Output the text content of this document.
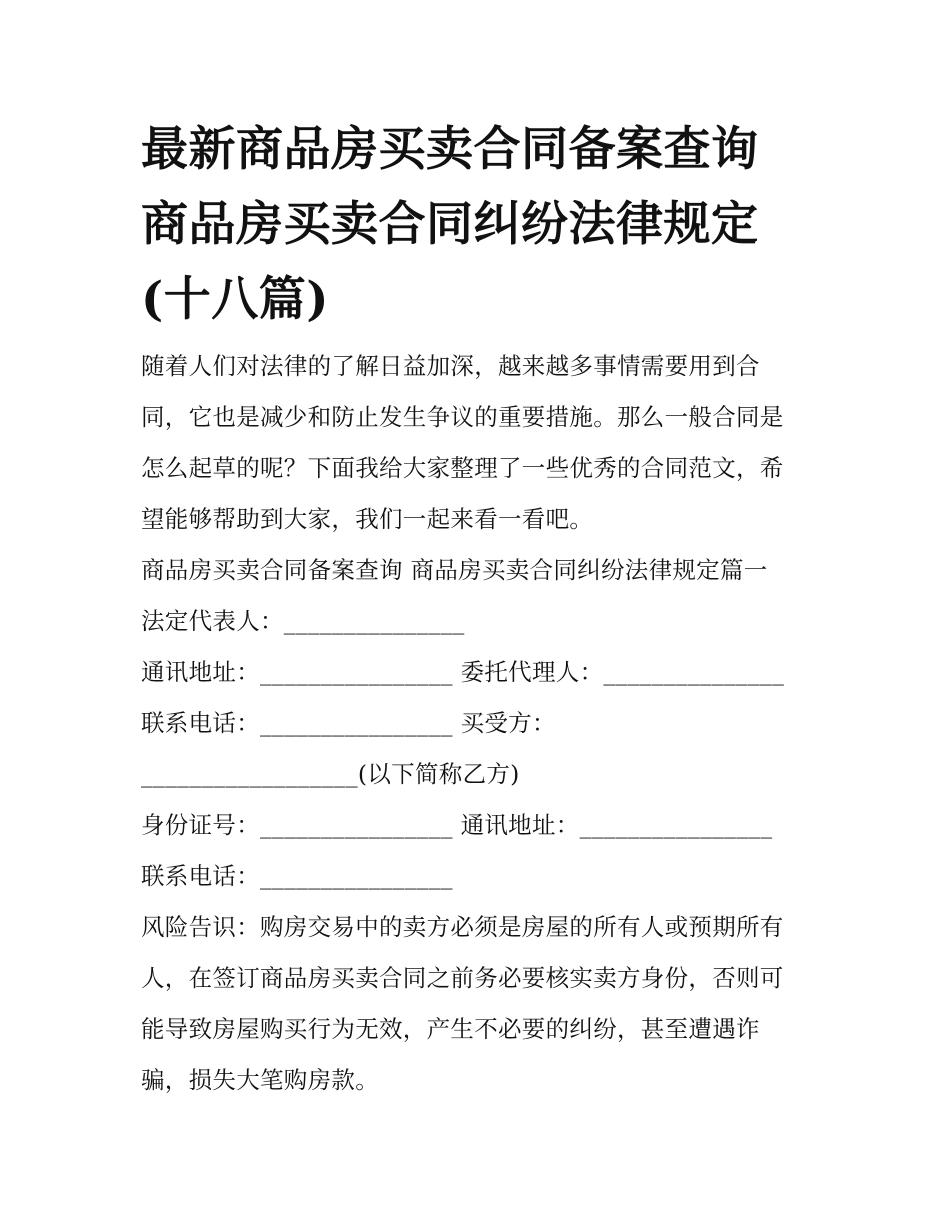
最新商品房买卖合同备案查询
商品房买卖合同纠纷法律规定
(十八篇)
随着人们对法律的了解日益加深，越来越多事情需要用到合
同，它也是减少和防止发生争议的重要措施。那么一般合同是
怎么起草的呢？下面我给大家整理了一些优秀的合同范文，希
望能够帮助到大家，我们一起来看一看吧。
商品房买卖合同备案查询 商品房买卖合同纠纷法律规定篇一
法定代表人：_______________
通讯地址：________________ 委托代理人：_______________
联系电话：________________ 买受方：
__________________(以下简称乙方)
身份证号：________________ 通讯地址：________________
联系电话：________________
风险告识：购房交易中的卖方必须是房屋的所有人或预期所有
人，在签订商品房买卖合同之前务必要核实卖方身份，否则可
能导致房屋购买行为无效，产生不必要的纠纷，甚至遭遇诈
骗，损失大笔购房款。
